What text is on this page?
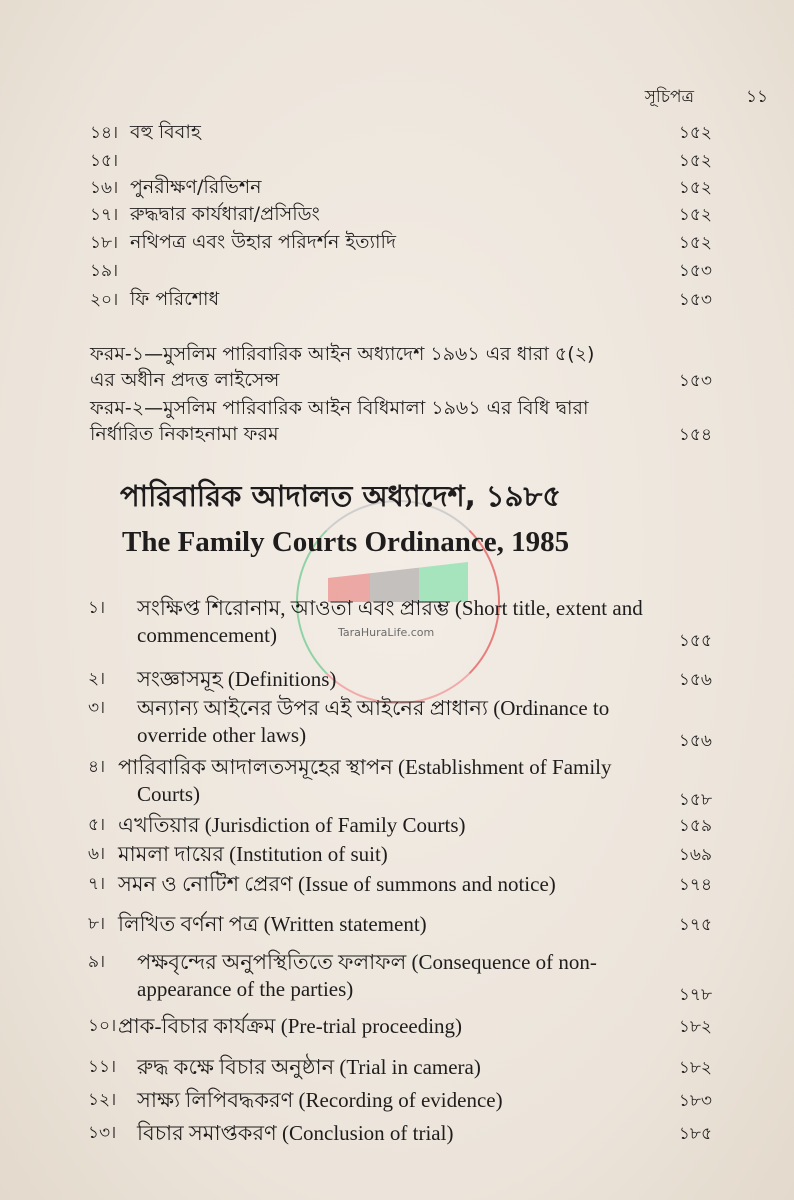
TaraHuraLife.com
সূচিপত্র	১১
১৪। বহু বিবাহ	১৫২
১৫।	১৫২
১৬। পুনরীক্ষণ/রিভিশন	১৫২
১৭। রুদ্ধদ্বার কার্যধারা/প্রসিডিং	১৫২
১৮। নথিপত্র এবং উহার পরিদর্শন ইত্যাদি	১৫২
১৯।	১৫৩
২০। ফি পরিশোধ	১৫৩
ফরম-১—মুসলিম পারিবারিক আইন অধ্যাদেশ ১৯৬১ এর ধারা ৫(২)
এর অধীন প্রদত্ত লাইসেন্স	১৫৩
ফরম-২—মুসলিম পারিবারিক আইন বিধিমালা ১৯৬১ এর বিধি দ্বারা
নির্ধারিত নিকাহনামা ফরম	১৫৪
পারিবারিক আদালত অধ্যাদেশ, ১৯৮৫
The Family Courts Ordinance, 1985
১। সংক্ষিপ্ত শিরোনাম, আওতা এবং প্রারম্ভ (Short title, extent and
commencement)	১৫৫
২। সংজ্ঞাসমূহ (Definitions)	১৫৬
৩। অন্যান্য আইনের উপর এই আইনের প্রাধান্য (Ordinance to
override other laws)	১৫৬
৪। পারিবারিক আদালতসমূহের স্থাপন (Establishment of Family
Courts)	১৫৮
৫। এখতিয়ার (Jurisdiction of Family Courts)	১৫৯
৬। মামলা দায়ের (Institution of suit)	১৬৯
৭। সমন ও নোটিশ প্রেরণ (Issue of summons and notice)	১৭৪
৮। লিখিত বর্ণনা পত্র (Written statement)	১৭৫
৯। পক্ষবৃন্দের অনুপস্থিতিতে ফলাফল (Consequence of non-
appearance of the parties)	১৭৮
১০। প্রাক-বিচার কার্যক্রম (Pre-trial proceeding)	১৮২
১১। রুদ্ধ কক্ষে বিচার অনুষ্ঠান (Trial in camera)	১৮২
১২। সাক্ষ্য লিপিবদ্ধকরণ (Recording of evidence)	১৮৩
১৩। বিচার সমাপ্তকরণ (Conclusion of trial)	১৮৫
